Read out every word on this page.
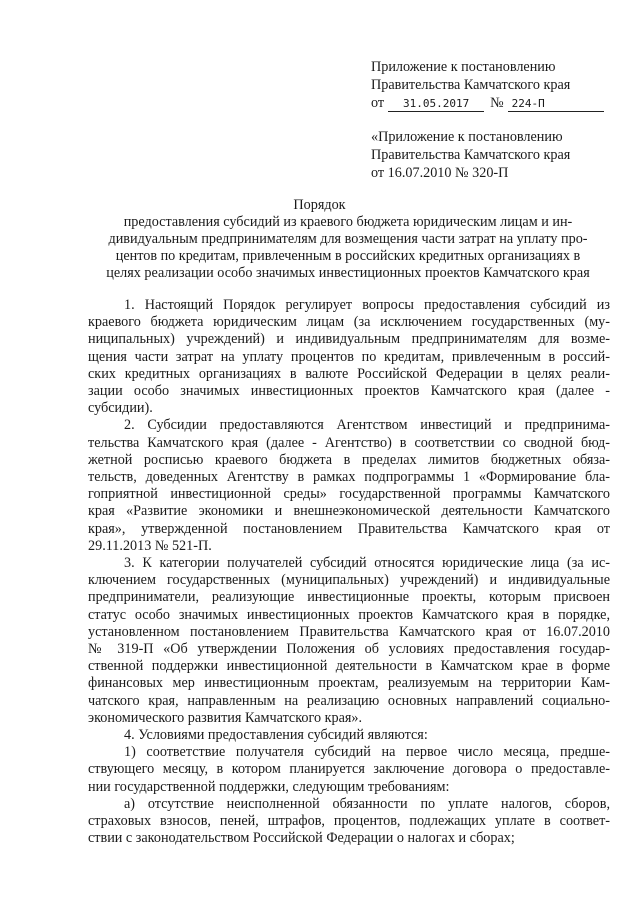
Приложение к постановлению
Правительства Камчатского края
от	31.05.2017	№ 224-П
«Приложение к постановлению
Правительства Камчатского края
от 16.07.2010 № 320-П
Порядок
предоставления субсидий из краевого бюджета юридическим лицам и ин-
дивидуальным предпринимателям для возмещения части затрат на уплату про-
центов по кредитам, привлеченным в российских кредитных организациях в
целях реализации особо значимых инвестиционных проектов Камчатского края
1. Настоящий Порядок регулирует вопросы предоставления субсидий из
краевого бюджета юридическим лицам (за исключением государственных (му-
ниципальных) учреждений) и индивидуальным предпринимателям для возме-
щения части затрат на уплату процентов по кредитам, привлеченным в россий-
ских кредитных организациях в валюте Российской Федерации в целях реали-
зации особо значимых инвестиционных проектов Камчатского края (далее -
субсидии).
2. Субсидии предоставляются Агентством инвестиций и предпринима-
тельства Камчатского края (далее - Агентство) в соответствии со сводной бюд-
жетной росписью краевого бюджета в пределах лимитов бюджетных обяза-
тельств, доведенных Агентству в рамках подпрограммы 1 «Формирование бла-
гоприятной инвестиционной среды» государственной программы Камчатского
края «Развитие экономики и внешнеэкономической деятельности Камчатского
края», утвержденной постановлением Правительства Камчатского края от
29.11.2013 № 521-П.
3. К категории получателей субсидий относятся юридические лица (за ис-
ключением государственных (муниципальных) учреждений) и индивидуальные
предприниматели, реализующие инвестиционные проекты, которым присвоен
статус особо значимых инвестиционных проектов Камчатского края в порядке,
установленном постановлением Правительства Камчатского края от 16.07.2010
№ 319-П «Об утверждении Положения об условиях предоставления государ-
ственной поддержки инвестиционной деятельности в Камчатском крае в форме
финансовых мер инвестиционным проектам, реализуемым на территории Кам-
чатского края, направленным на реализацию основных направлений социально-
экономического развития Камчатского края».
4. Условиями предоставления субсидий являются:
1) соответствие получателя субсидий на первое число месяца, предше-
ствующего месяцу, в котором планируется заключение договора о предоставле-
нии государственной поддержки, следующим требованиям:
а) отсутствие неисполненной обязанности по уплате налогов, сборов,
страховых взносов, пеней, штрафов, процентов, подлежащих уплате в соответ-
ствии с законодательством Российской Федерации о налогах и сборах;
